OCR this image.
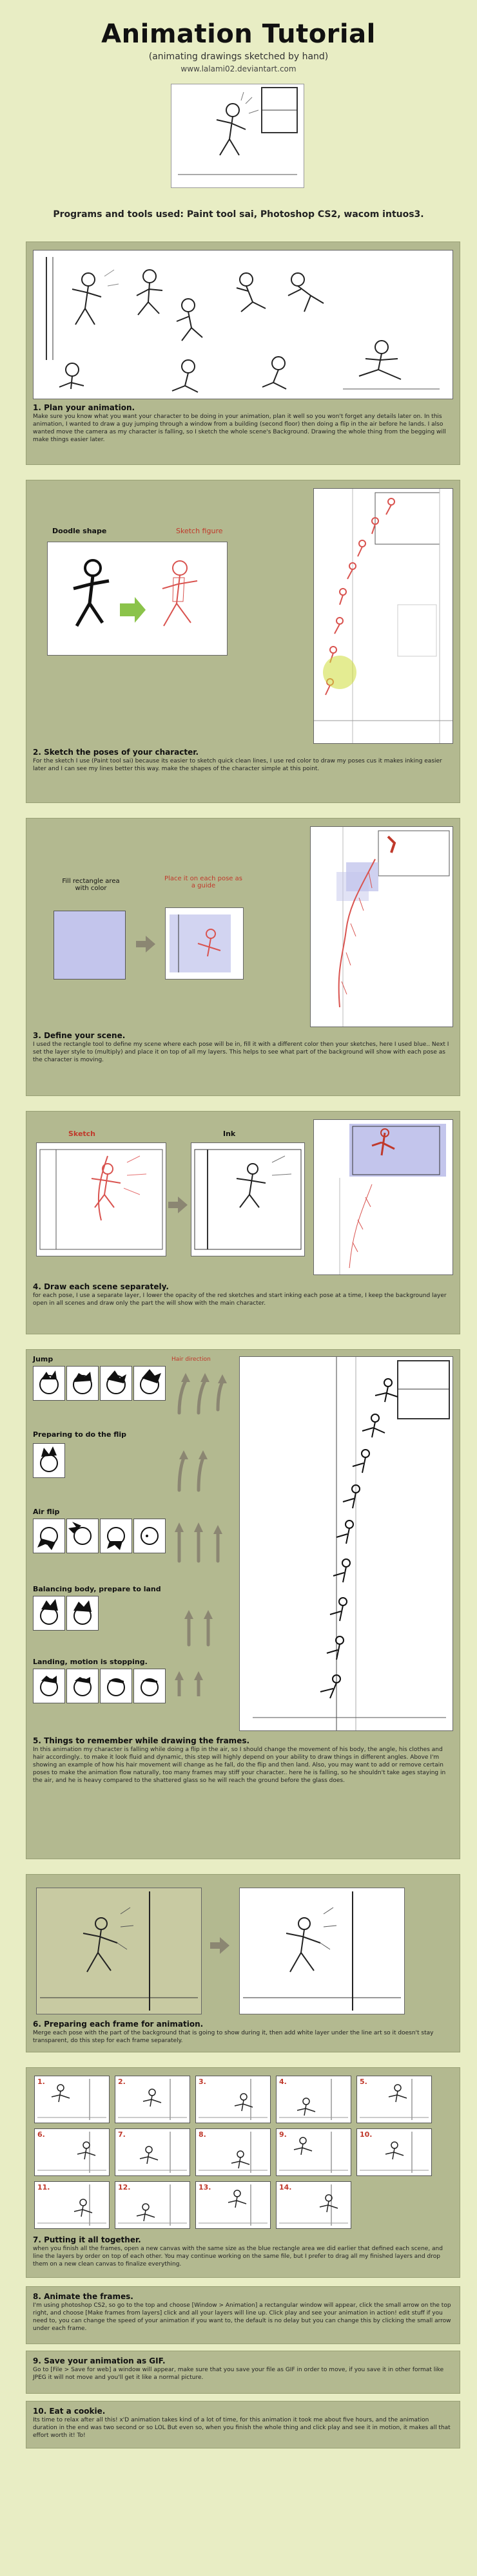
Animation Tutorial
(animating drawings sketched by hand)
www.lalami02.deviantart.com
Programs and tools used: Paint tool sai, Photoshop CS2, wacom intuos3.
1. Plan your animation.
Make sure you know what you want your character to be doing in your animation, plan it well so you won't forget any details later on. In this animation, I wanted to draw a guy jumping through a window from a building (second floor) then doing a flip in the air before he lands. I also wanted move the camera as my character is falling, so I sketch the whole scene's Background. Drawing the whole thing from the begging will make things easier later.
Doodle shape	Sketch figure
2. Sketch the poses of your character.
For the sketch I use (Paint tool sai) because its easier to sketch quick clean lines, I use red color to draw my poses cus it makes inking easier later and I can see my lines better this way. make the shapes of the character simple at this point.
Fill rectangle area with color
Place it on each pose as a guide
3. Define your scene.
I used the rectangle tool to define my scene where each pose will be in, fill it with a different color then your sketches, here I used blue.. Next I set the layer style to (multiply) and place it on top of all my layers. This helps to see what part of the background will show with each pose as the character is moving.
Sketch	Ink
4. Draw each scene separately.
for each pose, I use a separate layer, I lower the opacity of the red sketches and start inking each pose at a time, I keep the background layer open in all scenes and draw only the part the will show with the main character.
Jump	Hair direction
Preparing to do the flip
Air flip
Balancing body, prepare to land
Landing, motion is stopping.
5. Things to remember while drawing the frames.
In this animation my character is falling while doing a flip in the air, so I should change the movement of his body, the angle, his clothes and hair accordingly.. to make it look fluid and dynamic, this step will highly depend on your ability to draw things in different angles. Above I'm showing an example of how his hair movement will change as he fall, do the flip and then land. Also, you may want to add or remove certain poses to make the animation flow naturally, too many frames may stiff your character.. here he is falling, so he shouldn't take ages staying in the air, and he is heavy compared to the shattered glass so he will reach the ground before the glass does.
6. Preparing each frame for animation.
Merge each pose with the part of the background that is going to show during it, then add white layer under the line art so it doesn't stay transparent, do this step for each frame separately.
1.	2.	3.	4.	5.
6.	7.	8.	9.	10.
11.	12.	13.	14.
7. Putting it all together.
when you finish all the frames, open a new canvas with the same size as the blue rectangle area we did earlier that defined each scene, and line the layers by order on top of each other. You may continue working on the same file, but I prefer to drag all my finished layers and drop them on a new clean canvas to finalize everything.
8. Animate the frames.
I'm using photoshop CS2, so go to the top and choose [Window > Animation] a rectangular window will appear, click the small arrow on the top right, and choose [Make frames from layers] click and all your layers will line up. Click play and see your animation in action! edit stuff if you need to, you can change the speed of your animation if you want to, the default is no delay but you can change this by clicking the small arrow under each frame.
9. Save your animation as GIF.
Go to [File > Save for web] a window will appear, make sure that you save your file as GIF in order to move, if you save it in other format like JPEG it will not move and you'll get it like a normal picture.
10. Eat a cookie.
Its time to relax after all this! x'D animation takes kind of a lot of time, for this animation it took me about five hours, and the animation duration in the end was two second or so LOL But even so, when you finish the whole thing and click play and see it in motion, it makes all that effort worth it! To!
